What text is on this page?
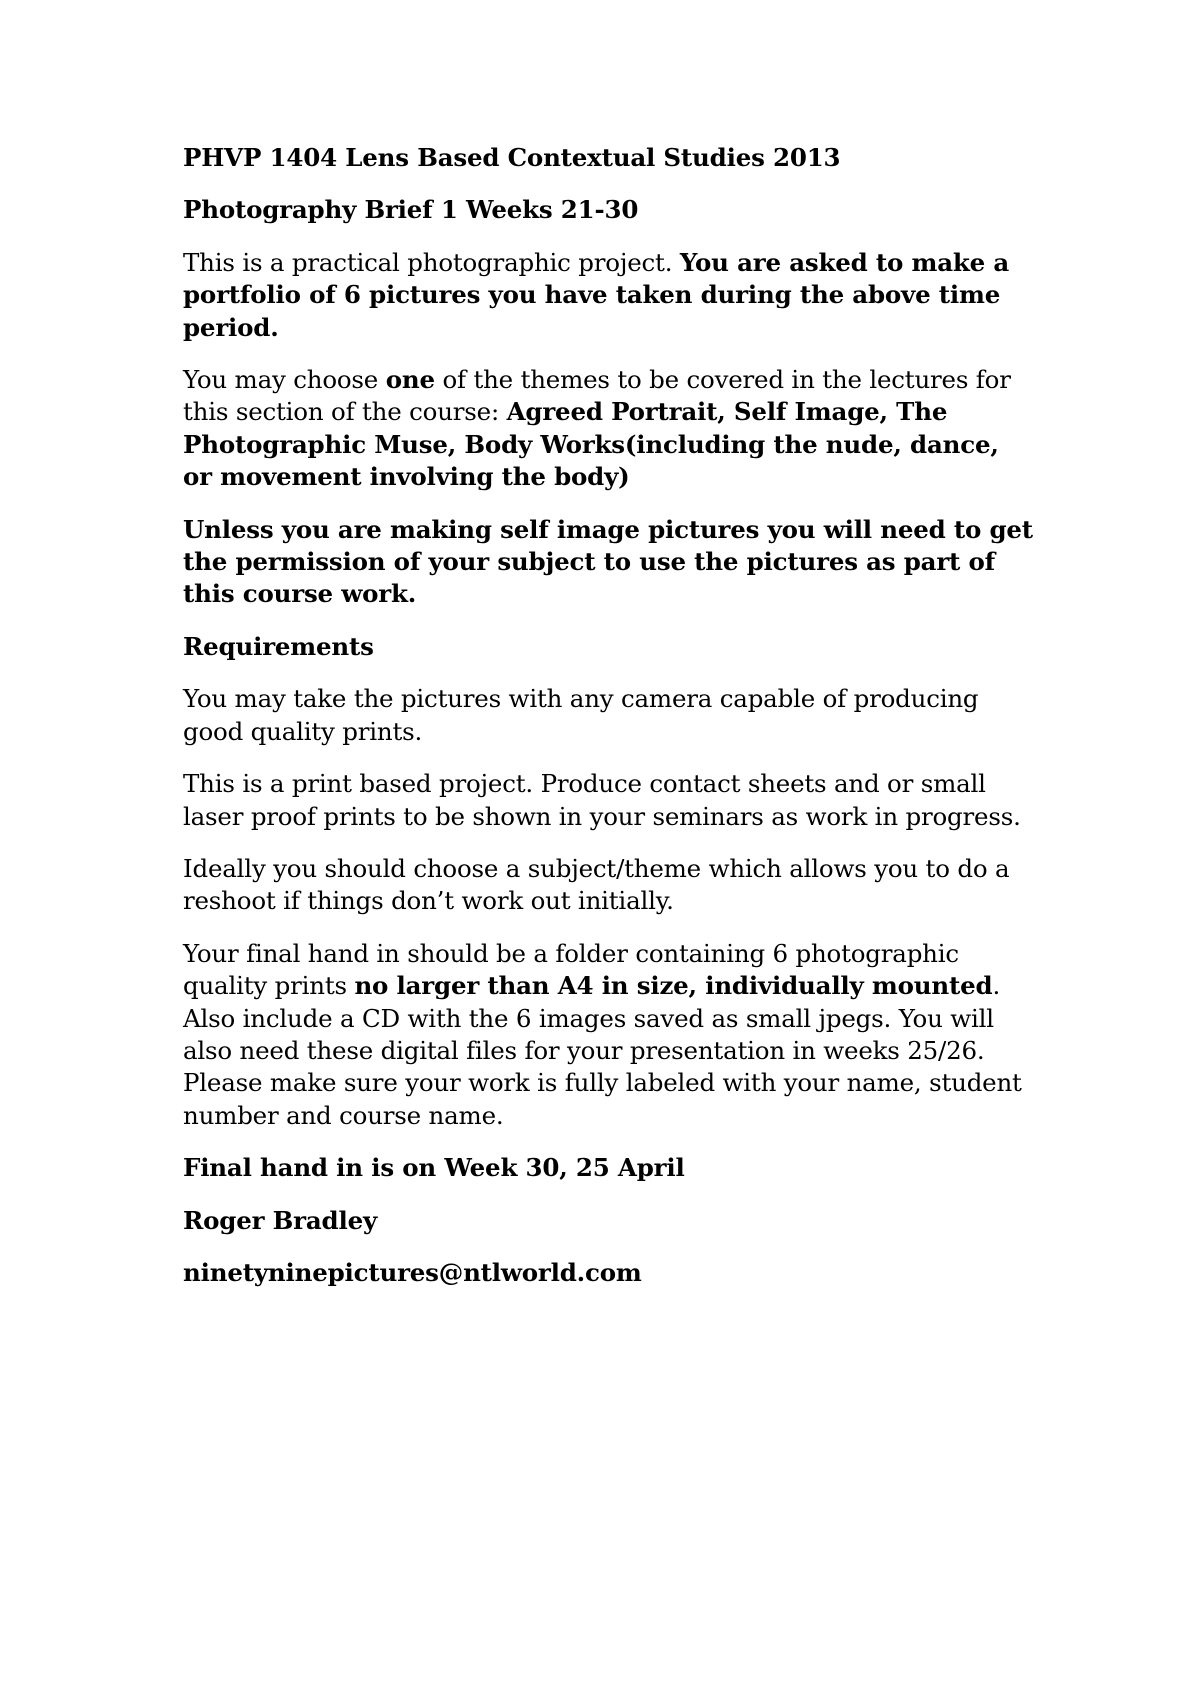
PHVP 1404 Lens Based Contextual Studies 2013

Photography Brief 1 Weeks 21-30

This is a practical photographic project. You are asked to make a portfolio of 6 pictures you have taken during the above time period.

You may choose one of the themes to be covered in the lectures for this section of the course: Agreed Portrait, Self Image, The Photographic Muse, Body Works(including the nude, dance, or movement involving the body)

Unless you are making self image pictures you will need to get the permission of your subject to use the pictures as part of this course work.

Requirements

You may take the pictures with any camera capable of producing good quality prints.

This is a print based project. Produce contact sheets and or small laser proof prints to be shown in your seminars as work in progress.

Ideally you should choose a subject/theme which allows you to do a reshoot if things don’t work out initially.

Your final hand in should be a folder containing 6 photographic quality prints no larger than A4 in size, individually mounted. Also include a CD with the 6 images saved as small jpegs. You will also need these digital files for your presentation in weeks 25/26. Please make sure your work is fully labeled with your name, student number and course name.

Final hand in is on Week 30, 25 April

Roger Bradley

ninetyninepictures@ntlworld.com
